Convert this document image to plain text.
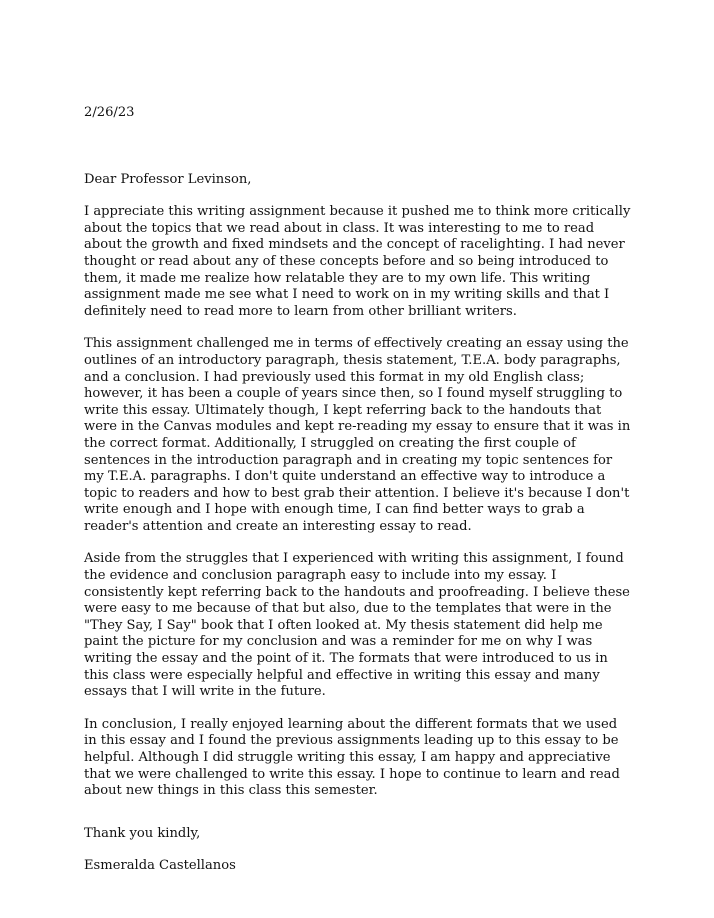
2/26/23

Dear Professor Levinson,

I appreciate this writing assignment because it pushed me to think more critically about the topics that we read about in class. It was interesting to me to read about the growth and fixed mindsets and the concept of racelighting. I had never thought or read about any of these concepts before and so being introduced to them, it made me realize how relatable they are to my own life. This writing assignment made me see what I need to work on in my writing skills and that I definitely need to read more to learn from other brilliant writers.

This assignment challenged me in terms of effectively creating an essay using the outlines of an introductory paragraph, thesis statement, T.E.A. body paragraphs, and a conclusion. I had previously used this format in my old English class; however, it has been a couple of years since then, so I found myself struggling to write this essay. Ultimately though, I kept referring back to the handouts that were in the Canvas modules and kept re-reading my essay to ensure that it was in the correct format. Additionally, I struggled on creating the first couple of sentences in the introduction paragraph and in creating my topic sentences for my T.E.A. paragraphs. I don't quite understand an effective way to introduce a topic to readers and how to best grab their attention. I believe it's because I don't write enough and I hope with enough time, I can find better ways to grab a reader's attention and create an interesting essay to read.

Aside from the struggles that I experienced with writing this assignment, I found the evidence and conclusion paragraph easy to include into my essay. I consistently kept referring back to the handouts and proofreading. I believe these were easy to me because of that but also, due to the templates that were in the "They Say, I Say" book that I often looked at. My thesis statement did help me paint the picture for my conclusion and was a reminder for me on why I was writing the essay and the point of it. The formats that were introduced to us in this class were especially helpful and effective in writing this essay and many essays that I will write in the future.

In conclusion, I really enjoyed learning about the different formats that we used in this essay and I found the previous assignments leading up to this essay to be helpful. Although I did struggle writing this essay, I am happy and appreciative that we were challenged to write this essay. I hope to continue to learn and read about new things in this class this semester.

Thank you kindly,

Esmeralda Castellanos
